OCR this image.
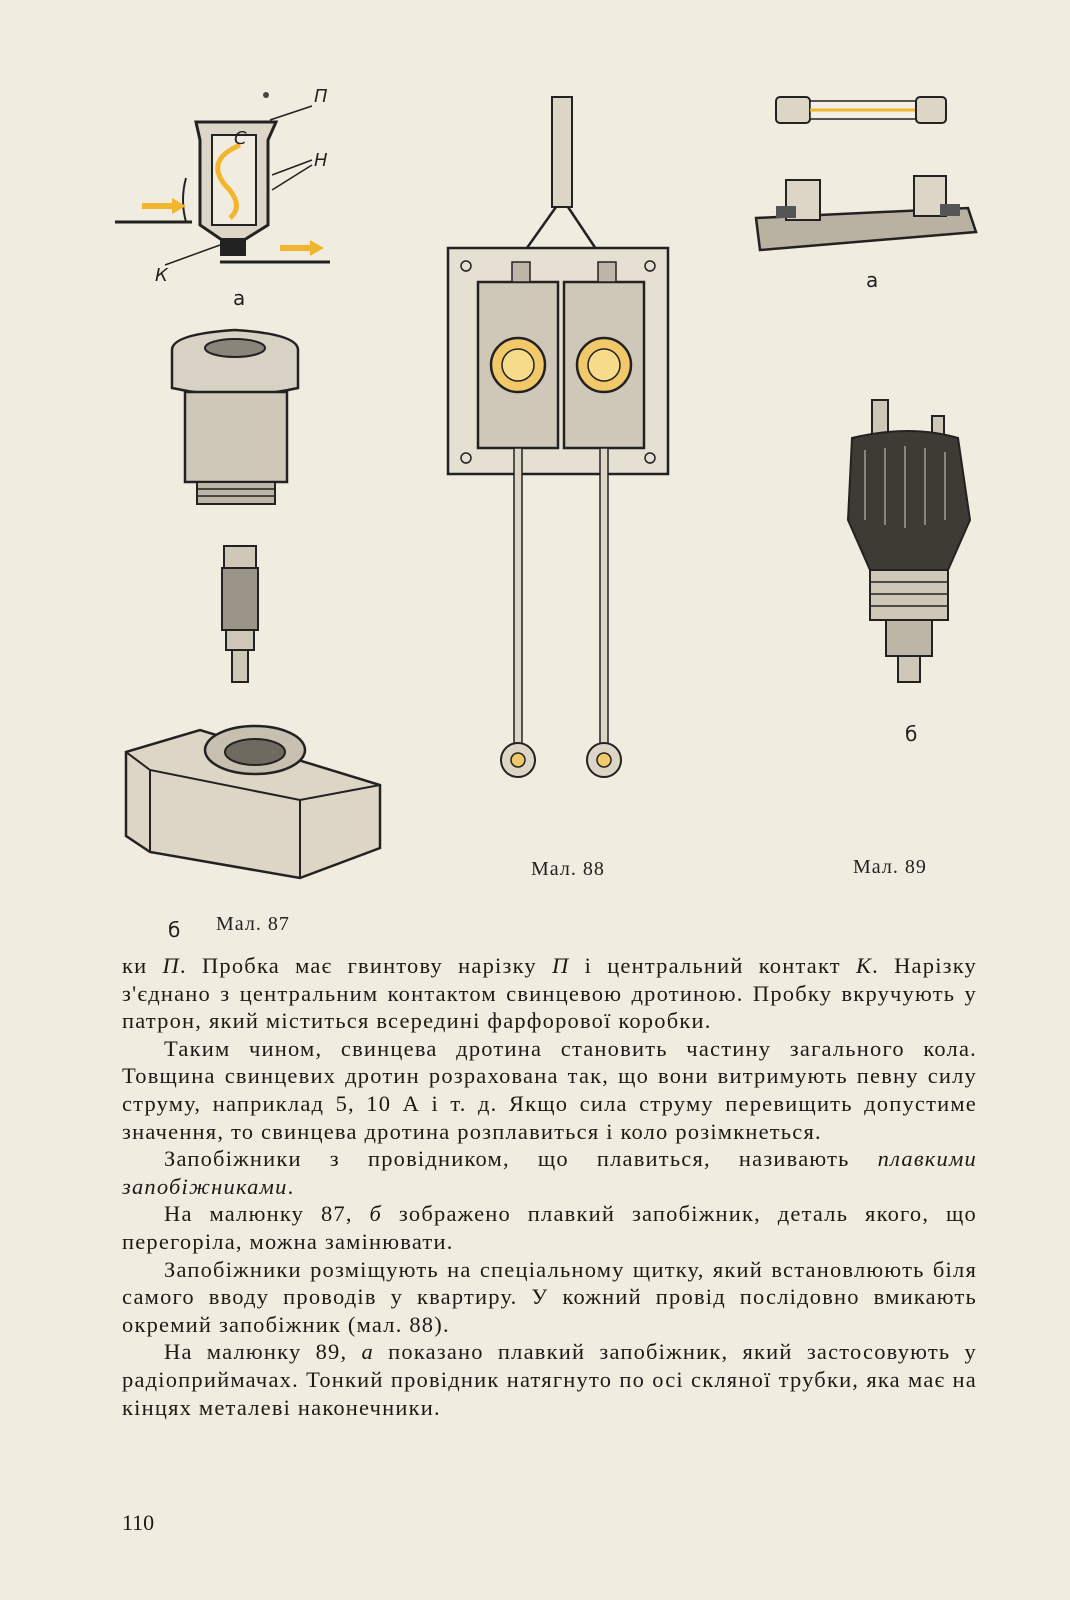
П
С
Н
К
а
а
б
б
Мал. 88	Мал. 89
Мал. 87

ки П. Пробка має гвинтову нарізку П і центральний контакт К. Нарізку з'єднано з центральним контактом свинцевою дротиною. Пробку вкручують у патрон, який міститься всередині фарфорової коробки.

Таким чином, свинцева дротина становить частину загального кола. Товщина свинцевих дротин розрахована так, що вони витримують певну силу струму, наприклад 5, 10 А і т. д. Якщо сила струму перевищить допустиме значення, то свинцева дротина розплавиться і коло розімкнеться.

Запобіжники з провідником, що плавиться, називають плавкими запобіжниками.

На малюнку 87, б зображено плавкий запобіжник, деталь якого, що перегоріла, можна замінювати.

Запобіжники розміщують на спеціальному щитку, який встановлюють біля самого вводу проводів у квартиру. У кожний провід послідовно вмикають окремий запобіжник (мал. 88).

На малюнку 89, а показано плавкий запобіжник, який застосовують у радіоприймачах. Тонкий провідник натягнуто по осі скляної трубки, яка має на кінцях металеві наконечники.

110
